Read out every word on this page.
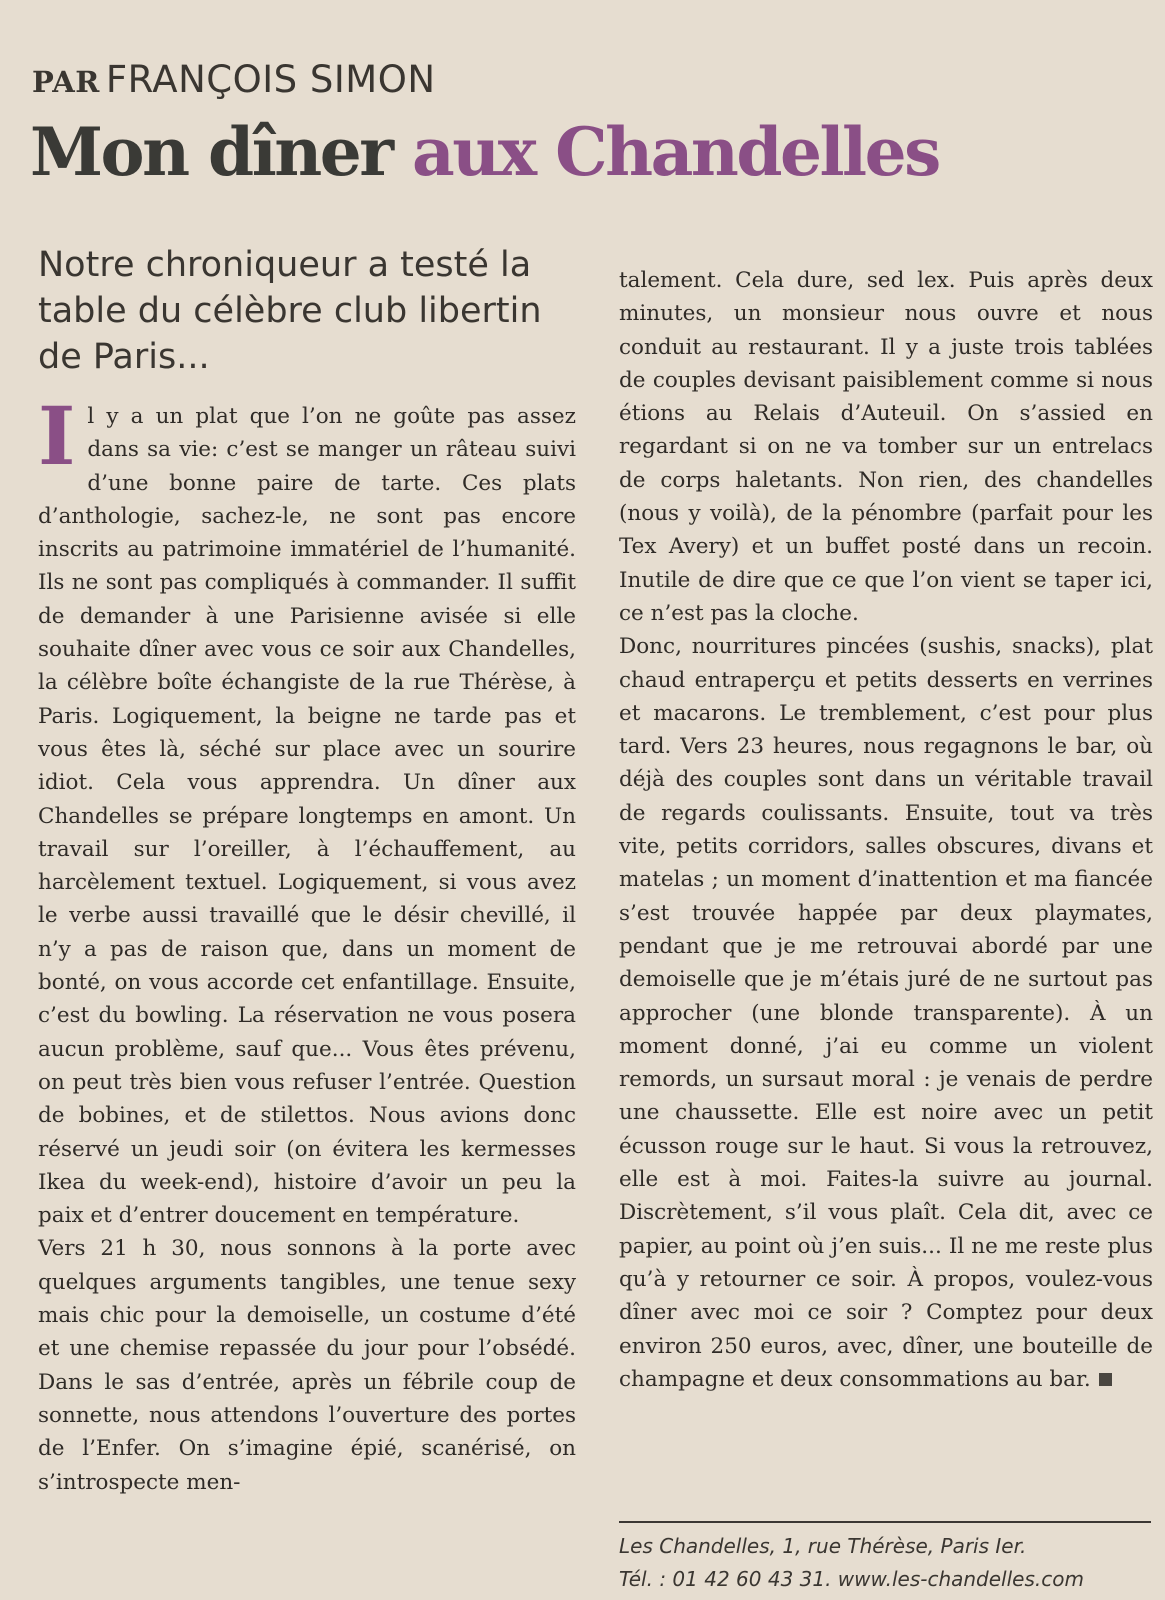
PAR FRANÇOIS SIMON
Mon dîner aux Chandelles
Notre chroniqueur a testé la table du célèbre club libertin de Paris...

Il y a un plat que l’on ne goûte pas assez dans sa vie: c’est se manger un râteau suivi d’une bonne paire de tarte. Ces plats d’anthologie, sachez-le, ne sont pas encore inscrits au patrimoine immatériel de l’humanité. Ils ne sont pas compliqués à commander. Il suffit de demander à une Parisienne avisée si elle souhaite dîner avec vous ce soir aux Chandelles, la célèbre boîte échangiste de la rue Thérèse, à Paris. Logiquement, la beigne ne tarde pas et vous êtes là, séché sur place avec un sourire idiot. Cela vous apprendra. Un dîner aux Chandelles se prépare longtemps en amont. Un travail sur l’oreiller, à l’échauffement, au harcèlement textuel. Logiquement, si vous avez le verbe aussi travaillé que le désir chevillé, il n’y a pas de raison que, dans un moment de bonté, on vous accorde cet enfantillage. Ensuite, c’est du bowling. La réservation ne vous posera aucun problème, sauf que... Vous êtes prévenu, on peut très bien vous refuser l’entrée. Question de bobines, et de stilettos. Nous avions donc réservé un jeudi soir (on évitera les kermesses Ikea du week-end), histoire d’avoir un peu la paix et d’entrer doucement en température.

Vers 21 h 30, nous sonnons à la porte avec quelques arguments tangibles, une tenue sexy mais chic pour la demoiselle, un costume d’été et une chemise repassée du jour pour l’obsédé. Dans le sas d’entrée, après un fébrile coup de sonnette, nous attendons l’ouverture des portes de l’Enfer. On s’imagine épié, scanérisé, on s’introspecte men-

talement. Cela dure, sed lex. Puis après deux minutes, un monsieur nous ouvre et nous conduit au restaurant. Il y a juste trois tablées de couples devisant paisiblement comme si nous étions au Relais d’Auteuil. On s’assied en regardant si on ne va tomber sur un entrelacs de corps haletants. Non rien, des chandelles (nous y voilà), de la pénombre (parfait pour les Tex Avery) et un buffet posté dans un recoin. Inutile de dire que ce que l’on vient se taper ici, ce n’est pas la cloche.

Donc, nourritures pincées (sushis, snacks), plat chaud entraperçu et petits desserts en verrines et macarons. Le tremblement, c’est pour plus tard. Vers 23 heures, nous regagnons le bar, où déjà des couples sont dans un véritable travail de regards coulissants. Ensuite, tout va très vite, petits corridors, salles obscures, divans et matelas ; un moment d’inattention et ma fiancée s’est trouvée happée par deux playmates, pendant que je me retrouvai abordé par une demoiselle que je m’étais juré de ne surtout pas approcher (une blonde transparente). À un moment donné, j’ai eu comme un violent remords, un sursaut moral : je venais de perdre une chaussette. Elle est noire avec un petit écusson rouge sur le haut. Si vous la retrouvez, elle est à moi. Faites-la suivre au journal. Discrètement, s’il vous plaît. Cela dit, avec ce papier, au point où j’en suis... Il ne me reste plus qu’à y retourner ce soir. À propos, voulez-vous dîner avec moi ce soir ? Comptez pour deux environ 250 euros, avec, dîner, une bouteille de champagne et deux consommations au bar.

Les Chandelles, 1, rue Thérèse, Paris Ier.
Tél. : 01 42 60 43 31. www.les-chandelles.com
